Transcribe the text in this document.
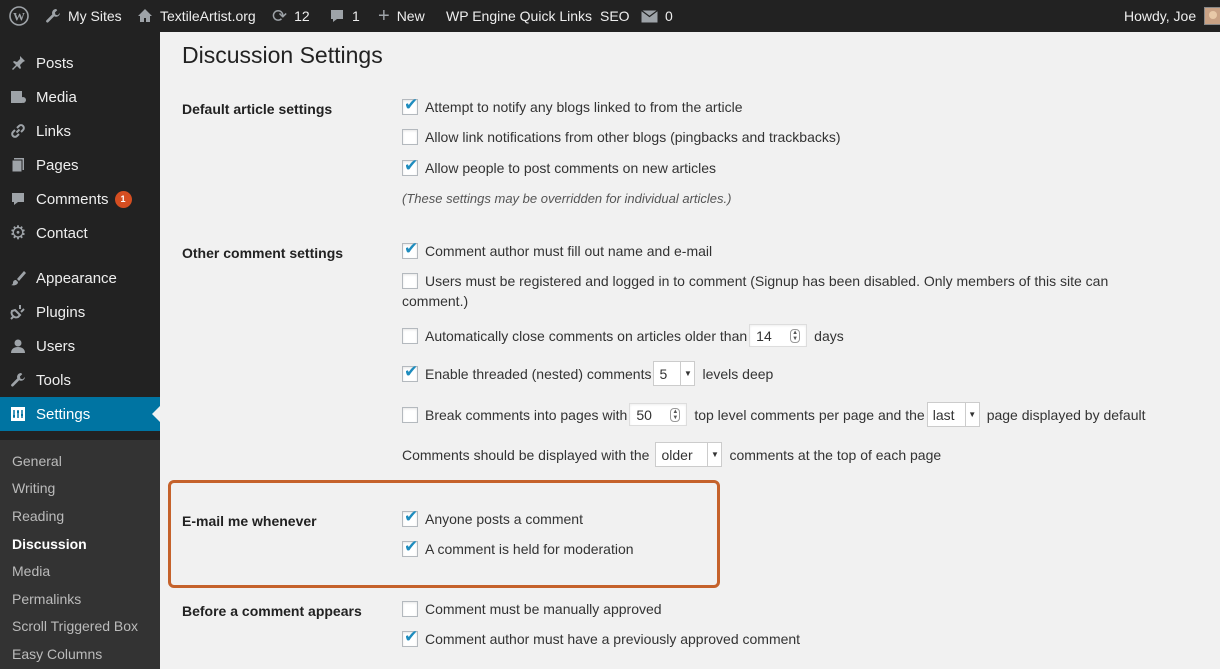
W	My Sites	TextileArtist.org ⟳ 12	1 + New WP Engine Quick Links SEO	0	Howdy, Joe
Posts
Media
Links
Pages
Comments	1
⚙ Contact
Appearance
Plugins
Users
Tools
Settings
General
Writing
Reading
Discussion
Media
Permalinks
Scroll Triggered Box
Easy Columns
Discussion Settings
Default article settings ✔	Attempt to notify any blogs linked to from the article
Allow link notifications from other blogs (pingbacks and trackbacks)
✔
Allow people to post comments on new articles
(These settings may be overridden for individual articles.)
Other comment settings ✔	Comment author must fill out name and e-mail
Users must be registered and logged in to comment (Signup has been disabled. Only members of this site can
comment.)
Automatically close comments on articles older than 14	▲
▼ days
✔
Enable threaded (nested) comments 5	▼ levels deep
Break comments into pages with 50	▲
▼ top level comments per page and the last	▼ page displayed by default
Comments should be displayed with the older	▼ comments at the top of each page
E-mail me whenever ✔	Anyone posts a comment
✔
A comment is held for moderation
Before a comment appears	Comment must be manually approved
✔
Comment author must have a previously approved comment
